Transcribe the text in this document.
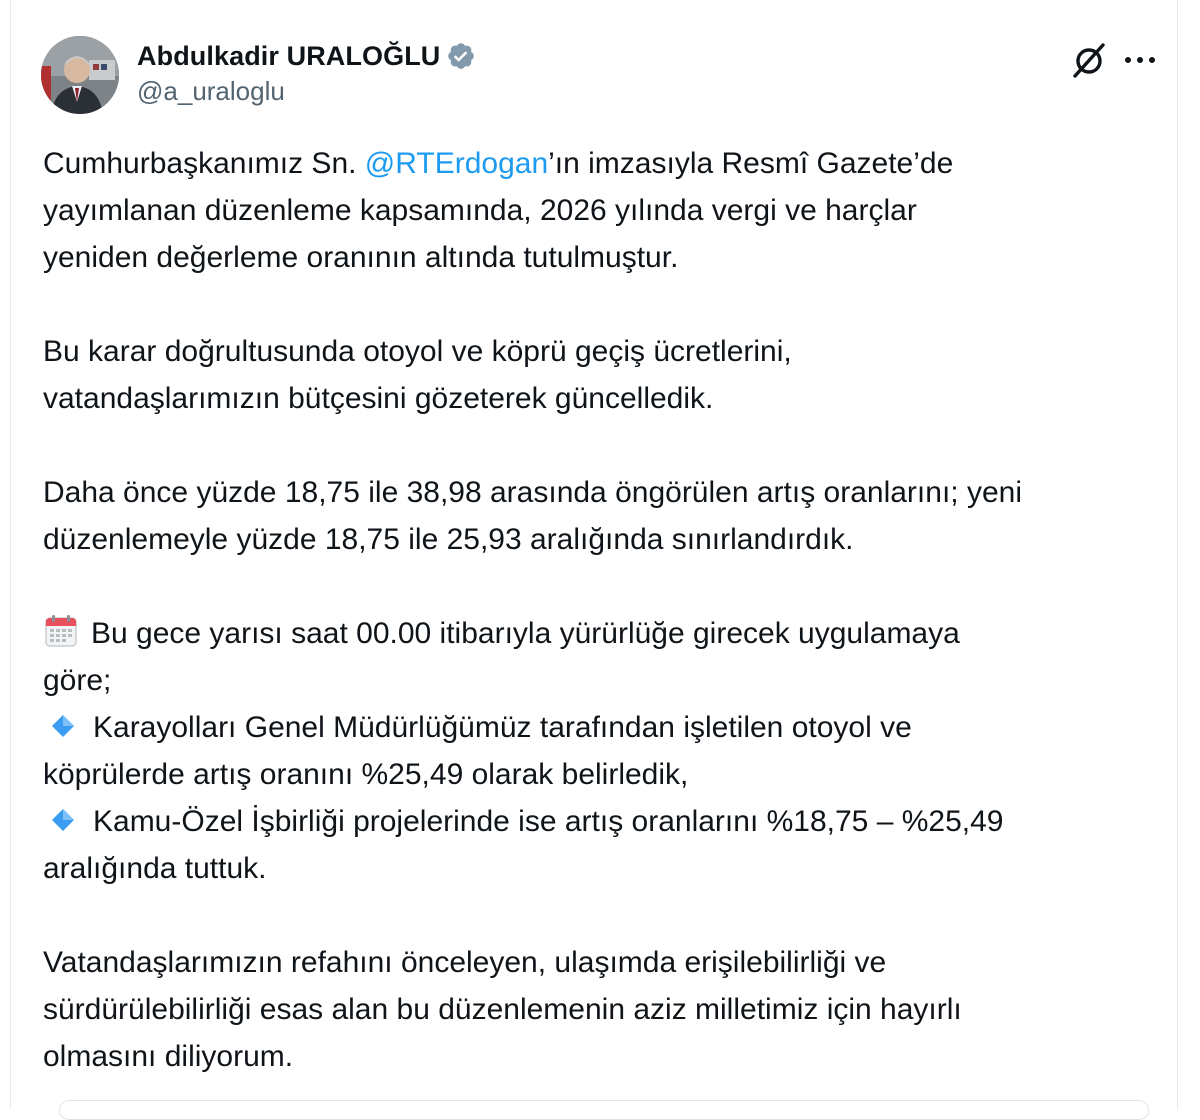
Abdulkadir URALOĞLU
@a_uraloglu

Cumhurbaşkanımız Sn. @RTErdogan’ın imzasıyla Resmî Gazete’de
yayımlanan düzenleme kapsamında, 2026 yılında vergi ve harçlar
yeniden değerleme oranının altında tutulmuştur.

Bu karar doğrultusunda otoyol ve köprü geçiş ücretlerini,
vatandaşlarımızın bütçesini gözeterek güncelledik.

Daha önce yüzde 18,75 ile 38,98 arasında öngörülen artış oranlarını; yeni
düzenlemeyle yüzde 18,75 ile 25,93 aralığında sınırlandırdık.

Bu gece yarısı saat 00.00 itibarıyla yürürlüğe girecek uygulamaya
göre;
Karayolları Genel Müdürlüğümüz tarafından işletilen otoyol ve
köprülerde artış oranını %25,49 olarak belirledik,
Kamu-Özel İşbirliği projelerinde ise artış oranlarını %18,75 – %25,49
aralığında tuttuk.

Vatandaşlarımızın refahını önceleyen, ulaşımda erişilebilirliği ve
sürdürülebilirliği esas alan bu düzenlemenin aziz milletimiz için hayırlı
olmasını diliyorum.
